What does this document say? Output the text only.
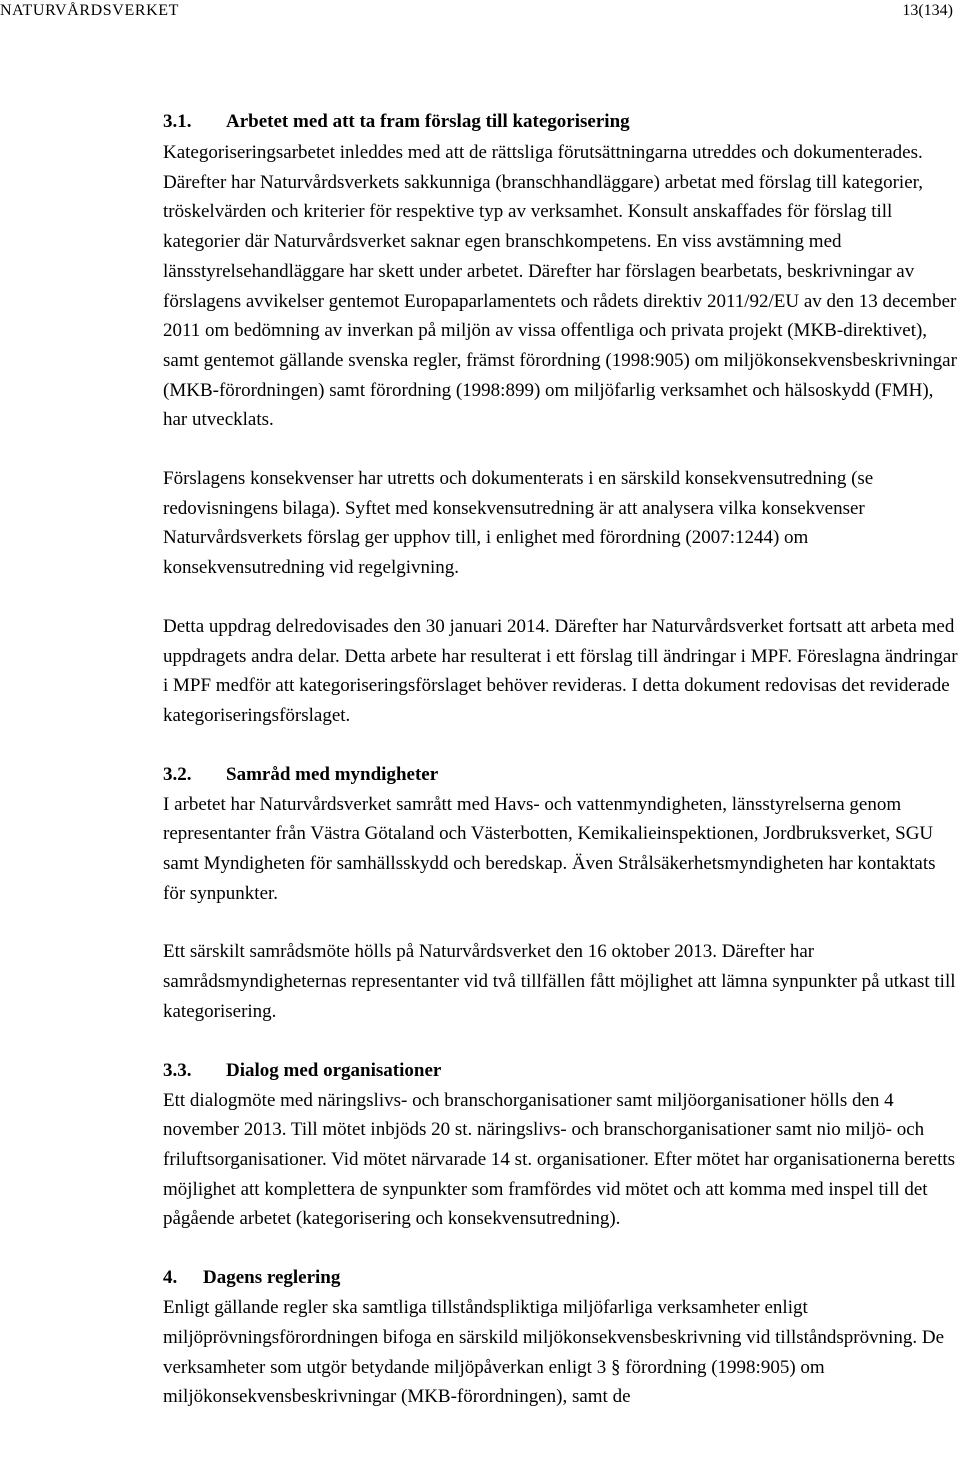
NATURVÅRDSVERKET	13(134)
3.1. Arbetet med att ta fram förslag till kategorisering

Kategoriseringsarbetet inleddes med att de rättsliga förutsättningarna utreddes och dokumenterades. Därefter har Naturvårdsverkets sakkunniga (branschhandläggare) arbetat med förslag till kategorier, tröskelvärden och kriterier för respektive typ av verksamhet. Konsult anskaffades för förslag till kategorier där Naturvårdsverket saknar egen branschkompetens. En viss avstämning med länsstyrelsehandläggare har skett under arbetet. Därefter har förslagen bearbetats, beskrivningar av förslagens avvikelser gentemot Europaparlamentets och rådets direktiv 2011/92/EU av den 13 december 2011 om bedömning av inverkan på miljön av vissa offentliga och privata projekt (MKB-direktivet), samt gentemot gällande svenska regler, främst förordning (1998:905) om miljökonsekvensbeskrivningar (MKB-förordningen) samt förordning (1998:899) om miljöfarlig verksamhet och hälsoskydd (FMH), har utvecklats.

Förslagens konsekvenser har utretts och dokumenterats i en särskild konsekvensutredning (se redovisningens bilaga). Syftet med konsekvensutredning är att analysera vilka konsekvenser Naturvårdsverkets förslag ger upphov till, i enlighet med förordning (2007:1244) om konsekvensutredning vid regelgivning.

Detta uppdrag delredovisades den 30 januari 2014. Därefter har Naturvårdsverket fortsatt att arbeta med uppdragets andra delar. Detta arbete har resulterat i ett förslag till ändringar i MPF. Föreslagna ändringar i MPF medför att kategoriseringsförslaget behöver revideras. I detta dokument redovisas det reviderade kategoriseringsförslaget.

3.2. Samråd med myndigheter

I arbetet har Naturvårdsverket samrått med Havs- och vattenmyndigheten, länsstyrelserna genom representanter från Västra Götaland och Västerbotten, Kemikalieinspektionen, Jordbruksverket, SGU samt Myndigheten för samhällsskydd och beredskap. Även Strålsäkerhetsmyndigheten har kontaktats för synpunkter.

Ett särskilt samrådsmöte hölls på Naturvårdsverket den 16 oktober 2013. Därefter har samrådsmyndigheternas representanter vid två tillfällen fått möjlighet att lämna synpunkter på utkast till kategorisering.

3.3. Dialog med organisationer

Ett dialogmöte med näringslivs- och branschorganisationer samt miljöorganisationer hölls den 4 november 2013. Till mötet inbjöds 20 st. näringslivs- och branschorganisationer samt nio miljö- och friluftsorganisationer. Vid mötet närvarade 14 st. organisationer. Efter mötet har organisationerna beretts möjlighet att komplettera de synpunkter som framfördes vid mötet och att komma med inspel till det pågående arbetet (kategorisering och konsekvensutredning).

4. Dagens reglering

Enligt gällande regler ska samtliga tillståndspliktiga miljöfarliga verksamheter enligt miljöprövningsförordningen bifoga en särskild miljökonsekvensbeskrivning vid tillståndsprövning. De verksamheter som utgör betydande miljöpåverkan enligt 3 § förordning (1998:905) om miljökonsekvensbeskrivningar (MKB-förordningen), samt de
